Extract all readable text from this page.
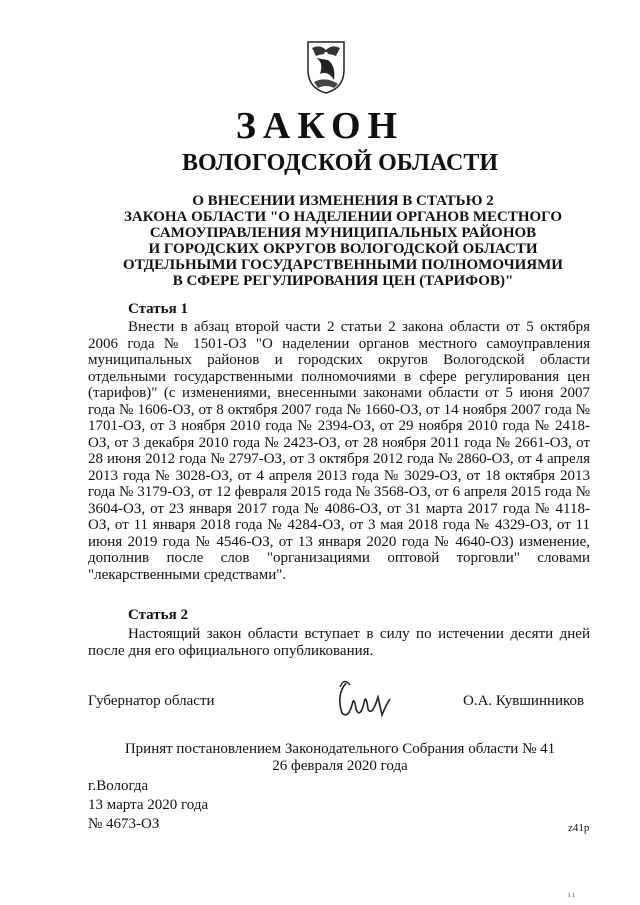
ЗАКОН
ВОЛОГОДСКОЙ ОБЛАСТИ
О ВНЕСЕНИИ ИЗМЕНЕНИЯ В СТАТЬЮ 2
ЗАКОНА ОБЛАСТИ "О НАДЕЛЕНИИ ОРГАНОВ МЕСТНОГО
САМОУПРАВЛЕНИЯ МУНИЦИПАЛЬНЫХ РАЙОНОВ
И ГОРОДСКИХ ОКРУГОВ ВОЛОГОДСКОЙ ОБЛАСТИ
ОТДЕЛЬНЫМИ ГОСУДАРСТВЕННЫМИ ПОЛНОМОЧИЯМИ
В СФЕРЕ РЕГУЛИРОВАНИЯ ЦЕН (ТАРИФОВ)"
Статья 1
Внести в абзац второй части 2 статьи 2 закона области от 5 октября 2006 года № 1501-ОЗ "О наделении органов местного самоуправления муниципальных районов и городских округов Вологодской области отдельными государственными полномочиями в сфере регулирования цен (тарифов)" (с изменениями, внесенными законами области от 5 июня 2007 года № 1606-ОЗ, от 8 октября 2007 года № 1660-ОЗ, от 14 ноября 2007 года № 1701-ОЗ, от 3 ноября 2010 года № 2394-ОЗ, от 29 ноября 2010 года № 2418-ОЗ, от 3 декабря 2010 года № 2423-ОЗ, от 28 ноября 2011 года № 2661-ОЗ, от 28 июня 2012 года № 2797-ОЗ, от 3 октября 2012 года № 2860-ОЗ, от 4 апреля 2013 года № 3028-ОЗ, от 4 апреля 2013 года № 3029-ОЗ, от 18 октября 2013 года № 3179-ОЗ, от 12 февраля 2015 года № 3568-ОЗ, от 6 апреля 2015 года № 3604-ОЗ, от 23 января 2017 года № 4086-ОЗ, от 31 марта 2017 года № 4118-ОЗ, от 11 января 2018 года № 4284-ОЗ, от 3 мая 2018 года № 4329-ОЗ, от 11 июня 2019 года № 4546-ОЗ, от 13 января 2020 года № 4640-ОЗ) изменение, дополнив после слов "организациями оптовой торговли" словами "лекарственными средствами".
Статья 2
Настоящий закон области вступает в силу по истечении десяти дней после дня его официального опубликования.
Губернатор области	О.А. Кувшинников
Принят постановлением Законодательного Собрания области № 41
26 февраля 2020 года
г.Вологда
13 марта 2020 года
№ 4673-ОЗ	z41p
ı ı
